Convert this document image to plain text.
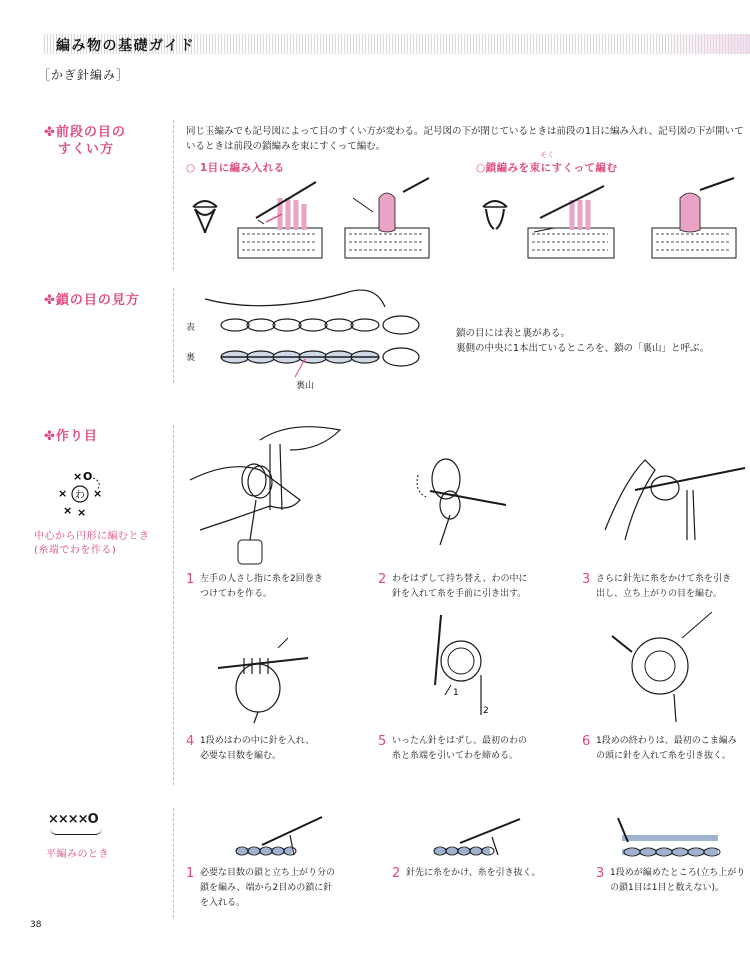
編み物の基礎ガイド
［かぎ針編み］
✤前段の目の
すくい方
同じ玉編みでも記号図によって目のすくい方が変わる。記号図の下が閉じているときは前段の1目に編み入れ、記号図の下が開いて
いるときは前段の鎖編みを束にすくって編む。
○ 1目に編み入れる	○鎖編みを束にすくって編む
そく
✤鎖の目の見方
表
裏
裏山
鎖の目には表と裏がある。
裏側の中央に1本出ているところを、鎖の「裏山」と呼ぶ。
✤作り目
わ
× O
× ×
× ×
中心から円形に編むとき
(糸端でわを作る)
1 左手の人さし指に糸を2回巻き
つけてわを作る。
2 わをはずして持ち替え、わの中に
針を入れて糸を手前に引き出す。
3 さらに針先に糸をかけて糸を引き
出し、立ち上がりの目を編む。
1
2
4 1段めはわの中に針を入れ、
必要な目数を編む。
5 いったん針をはずし、最初のわの
糸と糸端を引いてわを締める。
6 1段めの終わりは、最初のこま編み
の頭に針を入れて糸を引き抜く。
××××O
平編みのとき
1 必要な目数の鎖と立ち上がり分の
鎖を編み、端から2目めの鎖に針
を入れる。
2 針先に糸をかけ、糸を引き抜く。	3 1段めが編めたところ(立ち上がり
の鎖1目は1目と数えない)。
38
